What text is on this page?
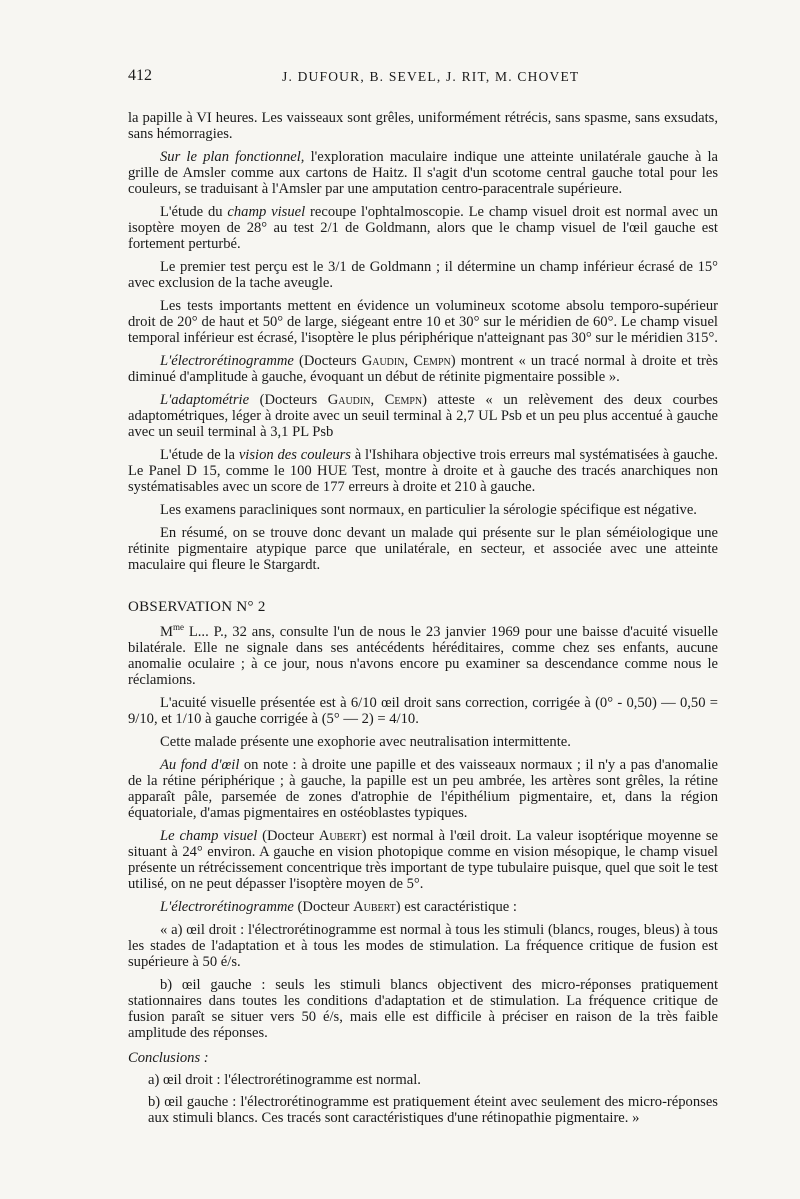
412	J. DUFOUR, B. SEVEL, J. RIT, M. CHOVET

la papille à VI heures. Les vaisseaux sont grêles, uniformément rétrécis, sans spasme, sans exsudats, sans hémorragies.

Sur le plan fonctionnel, l'exploration maculaire indique une atteinte unilatérale gauche à la grille de Amsler comme aux cartons de Haitz. Il s'agit d'un scotome central gauche total pour les couleurs, se traduisant à l'Amsler par une amputation centro-paracentrale supérieure.

L'étude du champ visuel recoupe l'ophtalmoscopie. Le champ visuel droit est normal avec un isoptère moyen de 28° au test 2/1 de Goldmann, alors que le champ visuel de l'œil gauche est fortement perturbé.

Le premier test perçu est le 3/1 de Goldmann ; il détermine un champ inférieur écrasé de 15° avec exclusion de la tache aveugle.

Les tests importants mettent en évidence un volumineux scotome absolu temporo-supérieur droit de 20° de haut et 50° de large, siégeant entre 10 et 30° sur le méridien de 60°. Le champ visuel temporal inférieur est écrasé, l'isoptère le plus périphérique n'atteignant pas 30° sur le méridien 315°.

L'électrorétinogramme (Docteurs Gaudin, Cempn) montrent « un tracé normal à droite et très diminué d'amplitude à gauche, évoquant un début de rétinite pigmentaire possible ».

L'adaptométrie (Docteurs Gaudin, Cempn) atteste « un relèvement des deux courbes adaptométriques, léger à droite avec un seuil terminal à 2,7 UL Psb et un peu plus accentué à gauche avec un seuil terminal à 3,1 PL Psb

L'étude de la vision des couleurs à l'Ishihara objective trois erreurs mal systématisées à gauche. Le Panel D 15, comme le 100 HUE Test, montre à droite et à gauche des tracés anarchiques non systématisables avec un score de 177 erreurs à droite et 210 à gauche.

Les examens paracliniques sont normaux, en particulier la sérologie spécifique est négative.

En résumé, on se trouve donc devant un malade qui présente sur le plan séméiologique une rétinite pigmentaire atypique parce que unilatérale, en secteur, et associée avec une atteinte maculaire qui fleure le Stargardt.

OBSERVATION N° 2

$M^{me}$ L... P., 32 ans, consulte l'un de nous le 23 janvier 1969 pour une baisse d'acuité visuelle bilatérale. Elle ne signale dans ses antécédents héréditaires, comme chez ses enfants, aucune anomalie oculaire ; à ce jour, nous n'avons encore pu examiner sa descendance comme nous le réclamions.

L'acuité visuelle présentée est à 6/10 œil droit sans correction, corrigée à (0° - 0,50) — 0,50 = 9/10, et 1/10 à gauche corrigée à (5° — 2) = 4/10.

Cette malade présente une exophorie avec neutralisation intermittente.

Au fond d'œil on note : à droite une papille et des vaisseaux normaux ; il n'y a pas d'anomalie de la rétine périphérique ; à gauche, la papille est un peu ambrée, les artères sont grêles, la rétine apparaît pâle, parsemée de zones d'atrophie de l'épithélium pigmentaire, et, dans la région équatoriale, d'amas pigmentaires en ostéoblastes typiques.

Le champ visuel (Docteur Aubert) est normal à l'œil droit. La valeur isoptérique moyenne se situant à 24° environ. A gauche en vision photopique comme en vision mésopique, le champ visuel présente un rétrécissement concentrique très important de type tubulaire puisque, quel que soit le test utilisé, on ne peut dépasser l'isoptère moyen de 5°.

L'électrorétinogramme (Docteur Aubert) est caractéristique :

« a) œil droit : l'électrorétinogramme est normal à tous les stimuli (blancs, rouges, bleus) à tous les stades de l'adaptation et à tous les modes de stimulation. La fréquence critique de fusion est supérieure à 50 é/s.

b) œil gauche : seuls les stimuli blancs objectivent des micro-réponses pratiquement stationnaires dans toutes les conditions d'adaptation et de stimulation. La fréquence critique de fusion paraît se situer vers 50 é/s, mais elle est difficile à préciser en raison de la très faible amplitude des réponses.

Conclusions :

a) œil droit : l'électrorétinogramme est normal.

b) œil gauche : l'électrorétinogramme est pratiquement éteint avec seulement des micro-réponses aux stimuli blancs. Ces tracés sont caractéristiques d'une rétinopathie pigmentaire. »
